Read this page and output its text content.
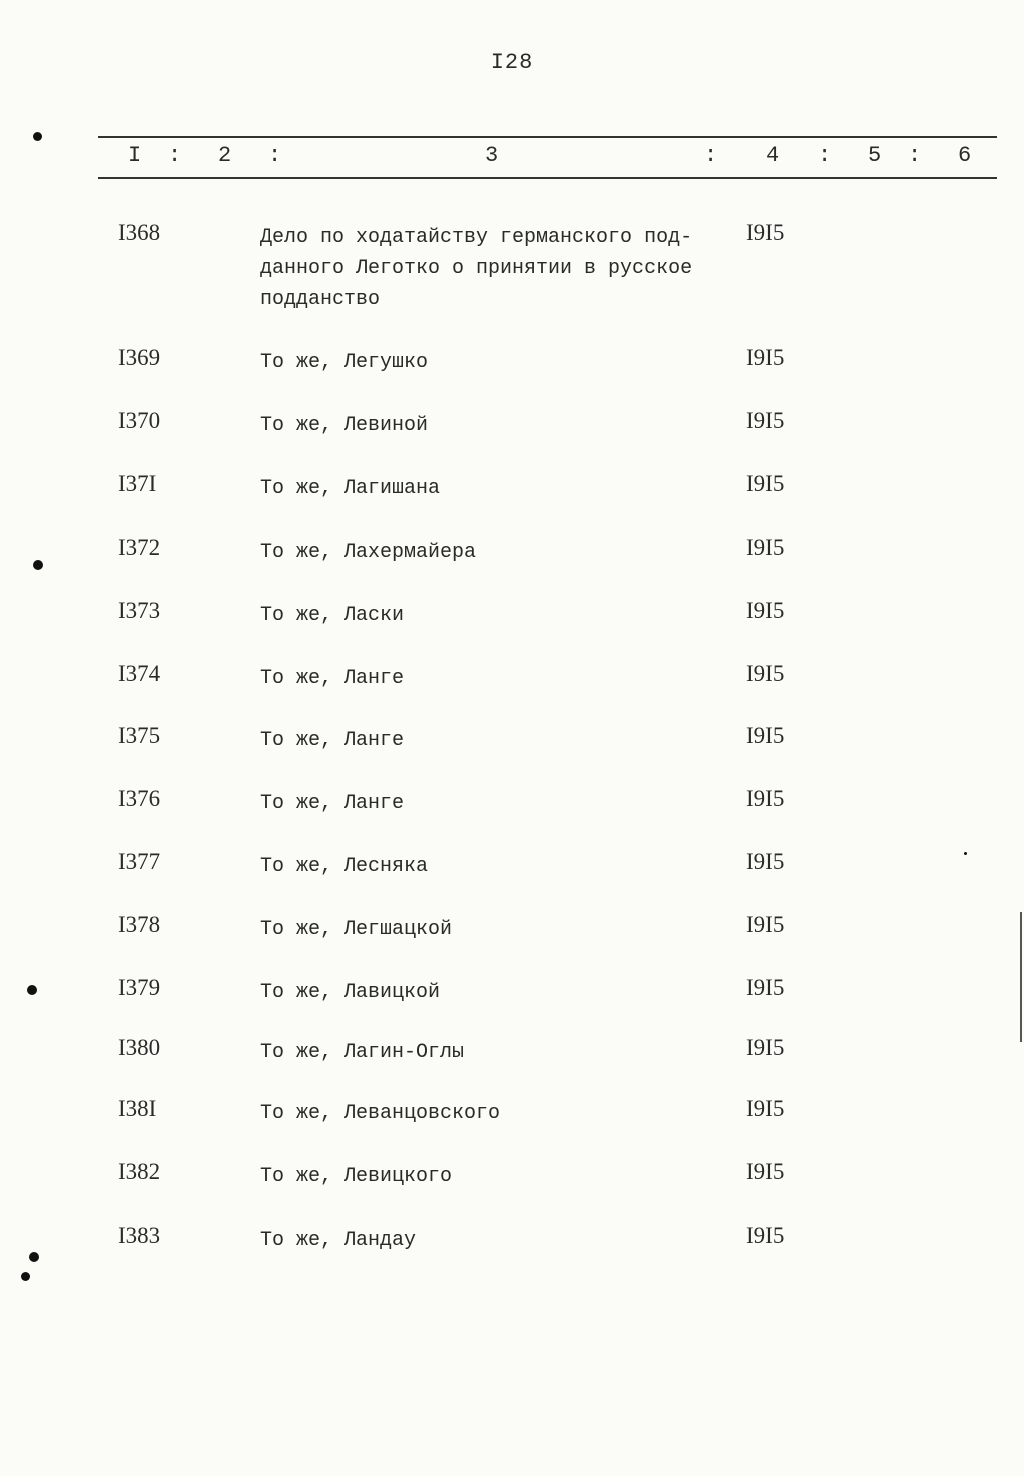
I28
I : 2 :	3	: 4 : 5 : 6
I368	Дело по ходатайству германского под-
данного Леготко о принятии в русское
подданство
I9I5
I369	То же, Легушко	I9I5
I370	То же, Левиной	I9I5
I37I	То же, Лагишана	I9I5
I372	То же, Лахермайера	I9I5
I373	То же, Ласки	I9I5
I374	То же, Ланге	I9I5
I375	То же, Ланге	I9I5
I376	То же, Ланге	I9I5
I377	То же, Лесняка	I9I5
I378	То же, Легшацкой	I9I5
I379	То же, Лавицкой	I9I5
I380	То же, Лагин-Оглы	I9I5
I38I	То же, Леванцовского	I9I5
I382	То же, Левицкого	I9I5
I383	То же, Ландау	I9I5
